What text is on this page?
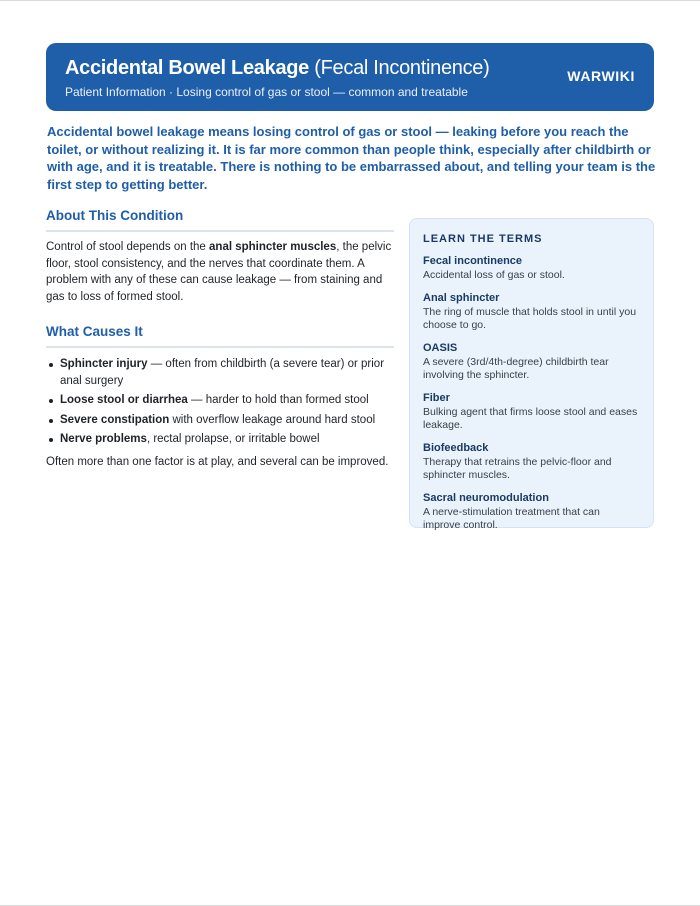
Accidental Bowel Leakage (Fecal Incontinence)
Patient Information · Losing control of gas or stool — common and treatable
WARWIKI

Accidental bowel leakage means losing control of gas or stool — leaking before you reach the toilet, or without realizing it. It is far more common than people think, especially after childbirth or with age, and it is treatable. There is nothing to be embarrassed about, and telling your team is the first step to getting better.

About This Condition

Control of stool depends on the anal sphincter muscles, the pelvic floor, stool consistency, and the nerves that coordinate them. A problem with any of these can cause leakage — from staining and gas to loss of formed stool.

What Causes It
Sphincter injury — often from childbirth (a severe tear) or prior anal surgery
Loose stool or diarrhea — harder to hold than formed stool
Severe constipation with overflow leakage around hard stool
Nerve problems, rectal prolapse, or irritable bowel

Often more than one factor is at play, and several can be improved.

LEARN THE TERMS
Fecal incontinence
Accidental loss of gas or stool.
Anal sphincter
The ring of muscle that holds stool in until you choose to go.
OASIS
A severe (3rd/4th-degree) childbirth tear involving the sphincter.
Fiber
Bulking agent that firms loose stool and eases leakage.
Biofeedback
Therapy that retrains the pelvic-floor and sphincter muscles.
Sacral neuromodulation
A nerve-stimulation treatment that can improve control.
